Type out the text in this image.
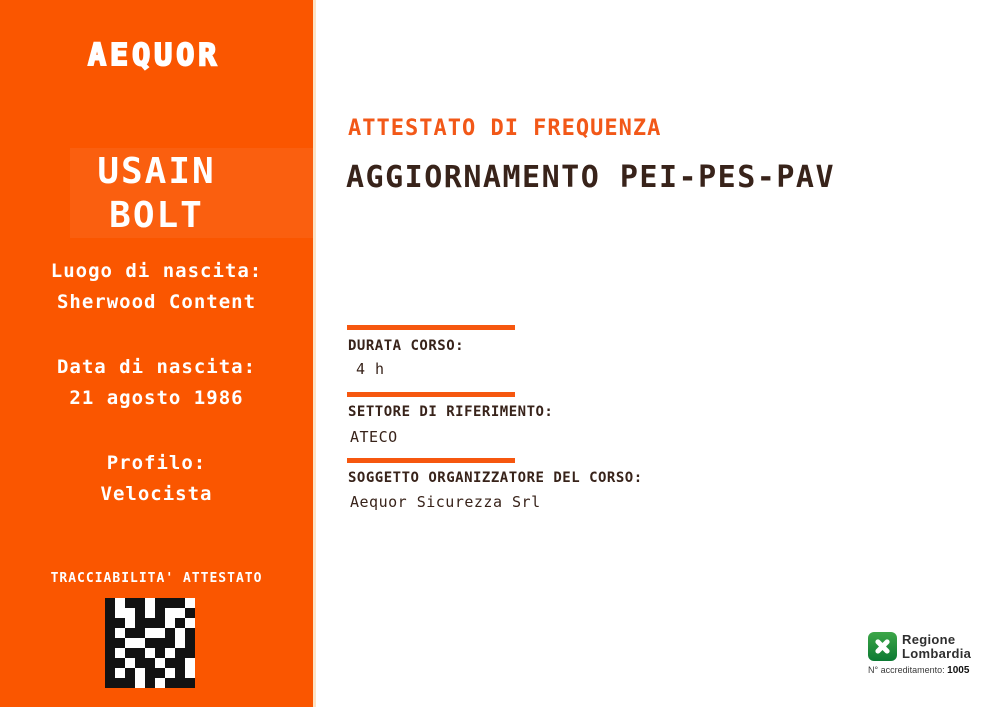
AEQUOR
USAIN
BOLT
Luogo di nascita:
Sherwood Content
Data di nascita:
21 agosto 1986
Profilo:
Velocista
TRACCIABILITA' ATTESTATO
ATTESTATO DI FREQUENZA
AGGIORNAMENTO PEI-PES-PAV
DURATA CORSO:
4 h
SETTORE DI RIFERIMENTO:
ATECO
SOGGETTO ORGANIZZATORE DEL CORSO:
Aequor Sicurezza Srl
Regione
Lombardia
N° accreditamento: 1005
